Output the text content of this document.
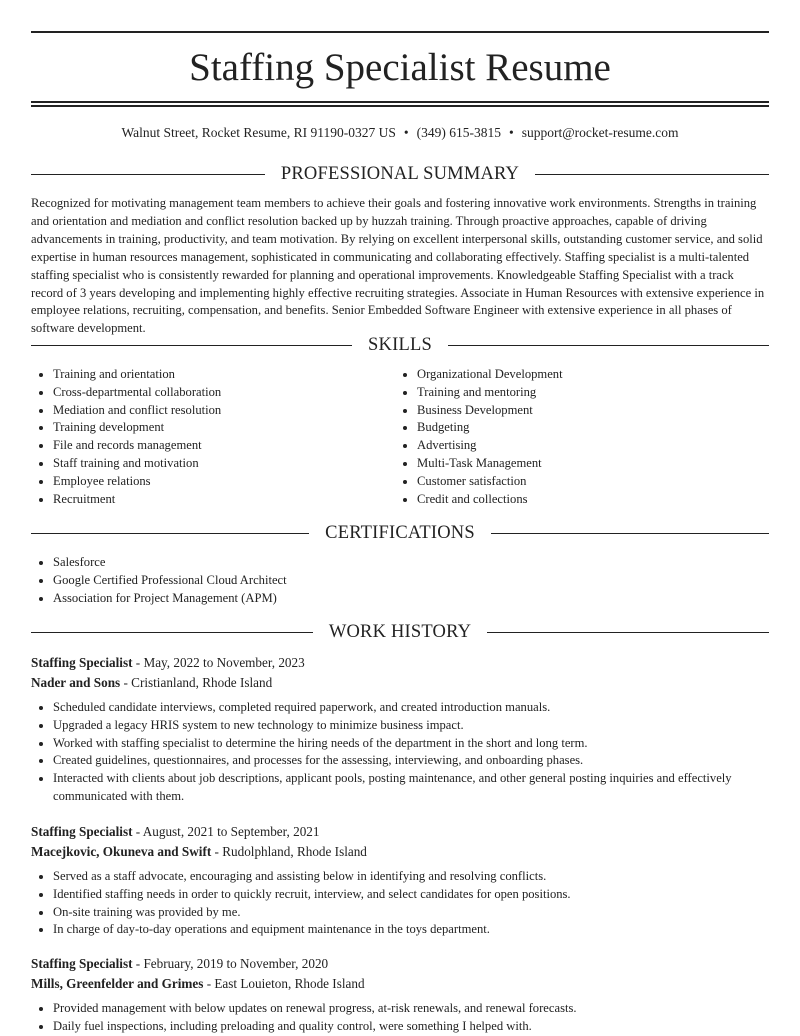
Staffing Specialist Resume
Walnut Street, Rocket Resume, RI 91190-0327 US • (349) 615-3815 • support@rocket-resume.com
PROFESSIONAL SUMMARY

Recognized for motivating management team members to achieve their goals and fostering innovative work environments. Strengths in training and orientation and mediation and conflict resolution backed up by huzzah training. Through proactive approaches, capable of driving advancements in training, productivity, and team motivation. By relying on excellent interpersonal skills, outstanding customer service, and solid expertise in human resources management, sophisticated in communicating and collaborating effectively. Staffing specialist is a multi-talented staffing specialist who is consistently rewarded for planning and operational improvements. Knowledgeable Staffing Specialist with a track record of 3 years developing and implementing highly effective recruiting strategies. Associate in Human Resources with extensive experience in employee relations, recruiting, compensation, and benefits. Senior Embedded Software Engineer with extensive experience in all phases of software development.

SKILLS
• Training and orientation
• Cross-departmental collaboration
• Mediation and conflict resolution
• Training development
• File and records management
• Staff training and motivation
• Employee relations
• Recruitment
• Organizational Development
• Training and mentoring
• Business Development
• Budgeting
• Advertising
• Multi-Task Management
• Customer satisfaction
• Credit and collections
CERTIFICATIONS
• Salesforce
• Google Certified Professional Cloud Architect
• Association for Project Management (APM)
WORK HISTORY
Staffing Specialist - May, 2022 to November, 2023
Nader and Sons - Cristianland, Rhode Island
• Scheduled candidate interviews, completed required paperwork, and created introduction manuals.
• Upgraded a legacy HRIS system to new technology to minimize business impact.
• Worked with staffing specialist to determine the hiring needs of the department in the short and long term.
• Created guidelines, questionnaires, and processes for the assessing, interviewing, and onboarding phases.
• Interacted with clients about job descriptions, applicant pools, posting maintenance, and other general posting inquiries and effectively communicated with them.
Staffing Specialist - August, 2021 to September, 2021
Macejkovic, Okuneva and Swift - Rudolphland, Rhode Island
• Served as a staff advocate, encouraging and assisting below in identifying and resolving conflicts.
• Identified staffing needs in order to quickly recruit, interview, and select candidates for open positions.
• On-site training was provided by me.
• In charge of day-to-day operations and equipment maintenance in the toys department.
Staffing Specialist - February, 2019 to November, 2020
Mills, Greenfelder and Grimes - East Louieton, Rhode Island
• Provided management with below updates on renewal progress, at-risk renewals, and renewal forecasts.
• Daily fuel inspections, including preloading and quality control, were something I helped with.
